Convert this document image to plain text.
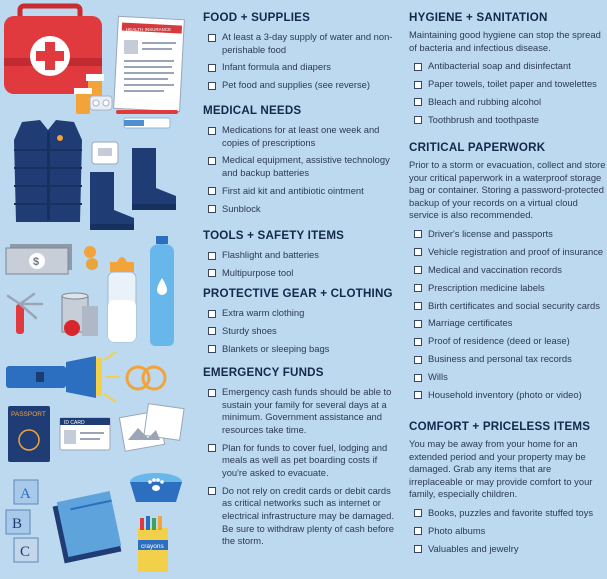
HEALTH INSURANCE
$
PASSPORT
ID CARD
A
B
C	crayons
FOOD + SUPPLIES
At least a 3-day supply of water and non-perishable food
Infant formula and diapers
Pet food and supplies (see reverse)
MEDICAL NEEDS
Medications for at least one week and copies of prescriptions
Medical equipment, assistive technology and backup batteries
First aid kit and antibiotic ointment
Sunblock
TOOLS + SAFETY ITEMS
Flashlight and batteries
Multipurpose tool
PROTECTIVE GEAR + CLOTHING
Extra warm clothing
Sturdy shoes
Blankets or sleeping bags
EMERGENCY FUNDS
Emergency cash funds should be able to sustain your family for several days at a minimum. Government assistance and resources take time.
Plan for funds to cover fuel, lodging and meals as well as pet boarding costs if you're asked to evacuate.
Do not rely on credit cards or debit cards as critical networks such as internet or electrical infrastructure may be damaged. Be sure to withdraw plenty of cash before the storm.
HYGIENE + SANITATION

Maintaining good hygiene can stop the spread of bacteria and infectious disease.

Antibacterial soap and disinfectant
Paper towels, toilet paper and towelettes
Bleach and rubbing alcohol
Toothbrush and toothpaste
CRITICAL PAPERWORK

Prior to a storm or evacuation, collect and store your critical paperwork in a waterproof storage bag or container. Storing a password-protected backup of your records on a virtual cloud service is also recommended.

Driver's license and passports
Vehicle registration and proof of insurance
Medical and vaccination records
Prescription medicine labels
Birth certificates and social security cards
Marriage certificates
Proof of residence (deed or lease)
Business and personal tax records
Wills
Household inventory (photo or video)
COMFORT + PRICELESS ITEMS

You may be away from your home for an extended period and your property may be damaged. Grab any items that are irreplaceable or may provide comfort to your family, especially children.

Books, puzzles and favorite stuffed toys
Photo albums
Valuables and jewelry
